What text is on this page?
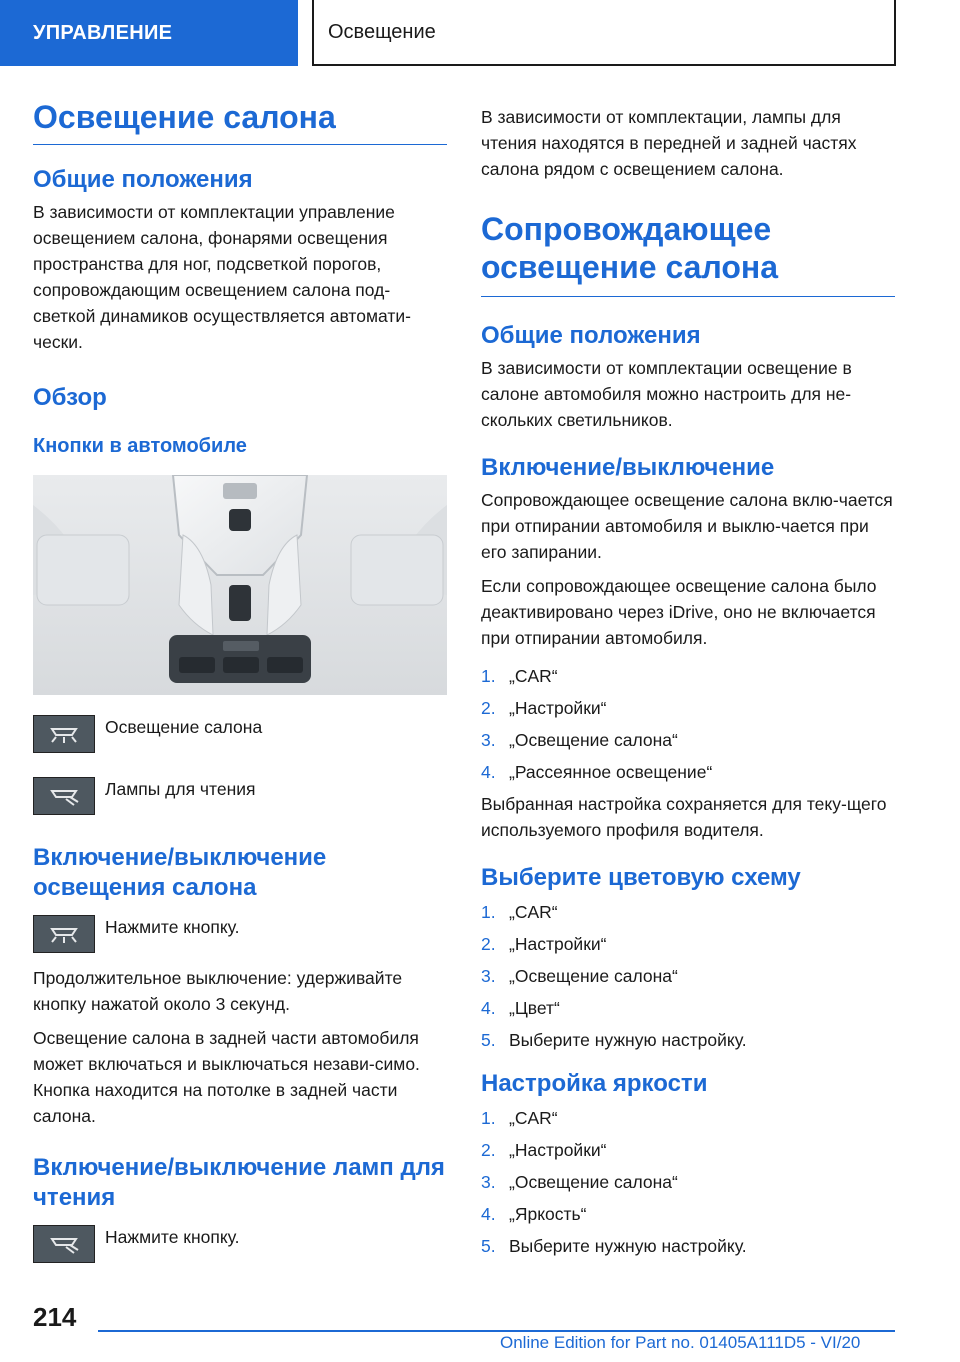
УПРАВЛЕНИЕ	Освещение
Освещение салона
Общие положения

В зависимости от комплектации управление освещением салона, фонарями освещения пространства для ног, подсветкой порогов, сопровождающим освещением салона под-светкой динамиков осуществляется автомати-чески.

Обзор
Кнопки в автомобиле
Освещение салона
Лампы для чтения
Включение/выключение освещения салона
Нажмите кнопку.

Продолжительное выключение: удерживайте кнопку нажатой около 3 секунд.

Освещение салона в задней части автомобиля может включаться и выключаться незави-симо. Кнопка находится на потолке в задней части салона.

Включение/выключение ламп для чтения
Нажмите кнопку.

В зависимости от комплектации, лампы для чтения находятся в передней и задней частях салона рядом с освещением салона.

Сопровождающее освещение салона
Общие положения

В зависимости от комплектации освещение в салоне автомобиля можно настроить для не-скольких светильников.

Включение/выключение

Сопровождающее освещение салона вклю-чается при отпирании автомобиля и выклю-чается при его запирании.

Если сопровождающее освещение салона было деактивировано через iDrive, оно не включается при отпирании автомобиля.

1. „CAR“
2. „Настройки“
3. „Освещение салона“
4. „Рассеянное освещение“

Выбранная настройка сохраняется для теку-щего используемого профиля водителя.

Выберите цветовую схему
1. „CAR“
2. „Настройки“
3. „Освещение салона“
4. „Цвет“
5. Выберите нужную настройку.
Настройка яркости
1. „CAR“
2. „Настройки“
3. „Освещение салона“
4. „Яркость“
5. Выберите нужную настройку.
214
Online Edition for Part no. 01405A111D5 - VI/20
